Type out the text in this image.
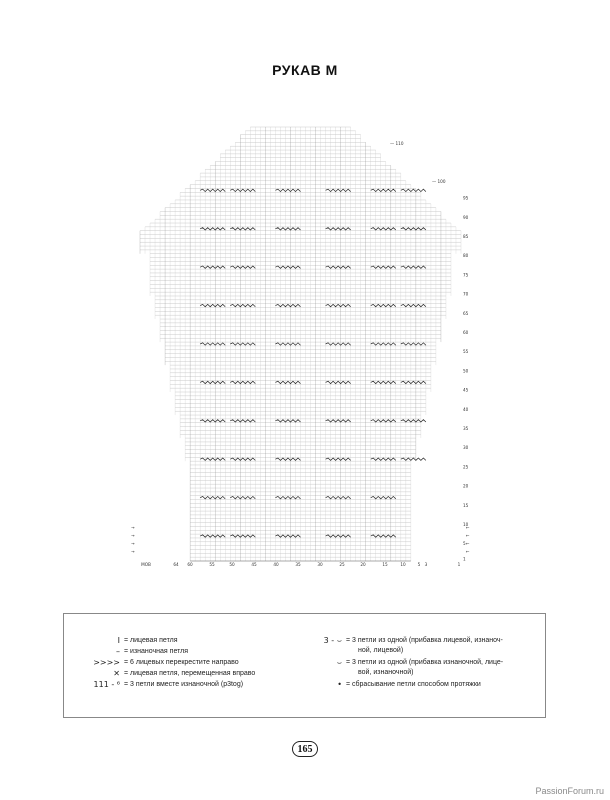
РУКАВ М
95
90
85
80
75
70
65
60
55
50
45
40
35
30
25
20
15
10
5
1
— 110
— 100
МОВ	64 60	55	50	45	40	35	30	25	20	15	10	5 3	1
→	←
→	←
→	←
→	←
I = лицевая петля
– = изнаночная петля
>>>> = 6 лицевых перекрестите направо
✕ = лицевая петля, перемещенная вправо
111 - ⁶ = 3 петли вместе изнаночной (p3tog)
3 - ⌣ = 3 петли из одной (прибавка лицевой, изнаноч-
ной, лицевой)
⌣ = 3 петли из одной (прибавка изнаночной, лице-
вой, изнаночной)
• = сбрасывание петли способом протяжки
165
PassionForum.ru
